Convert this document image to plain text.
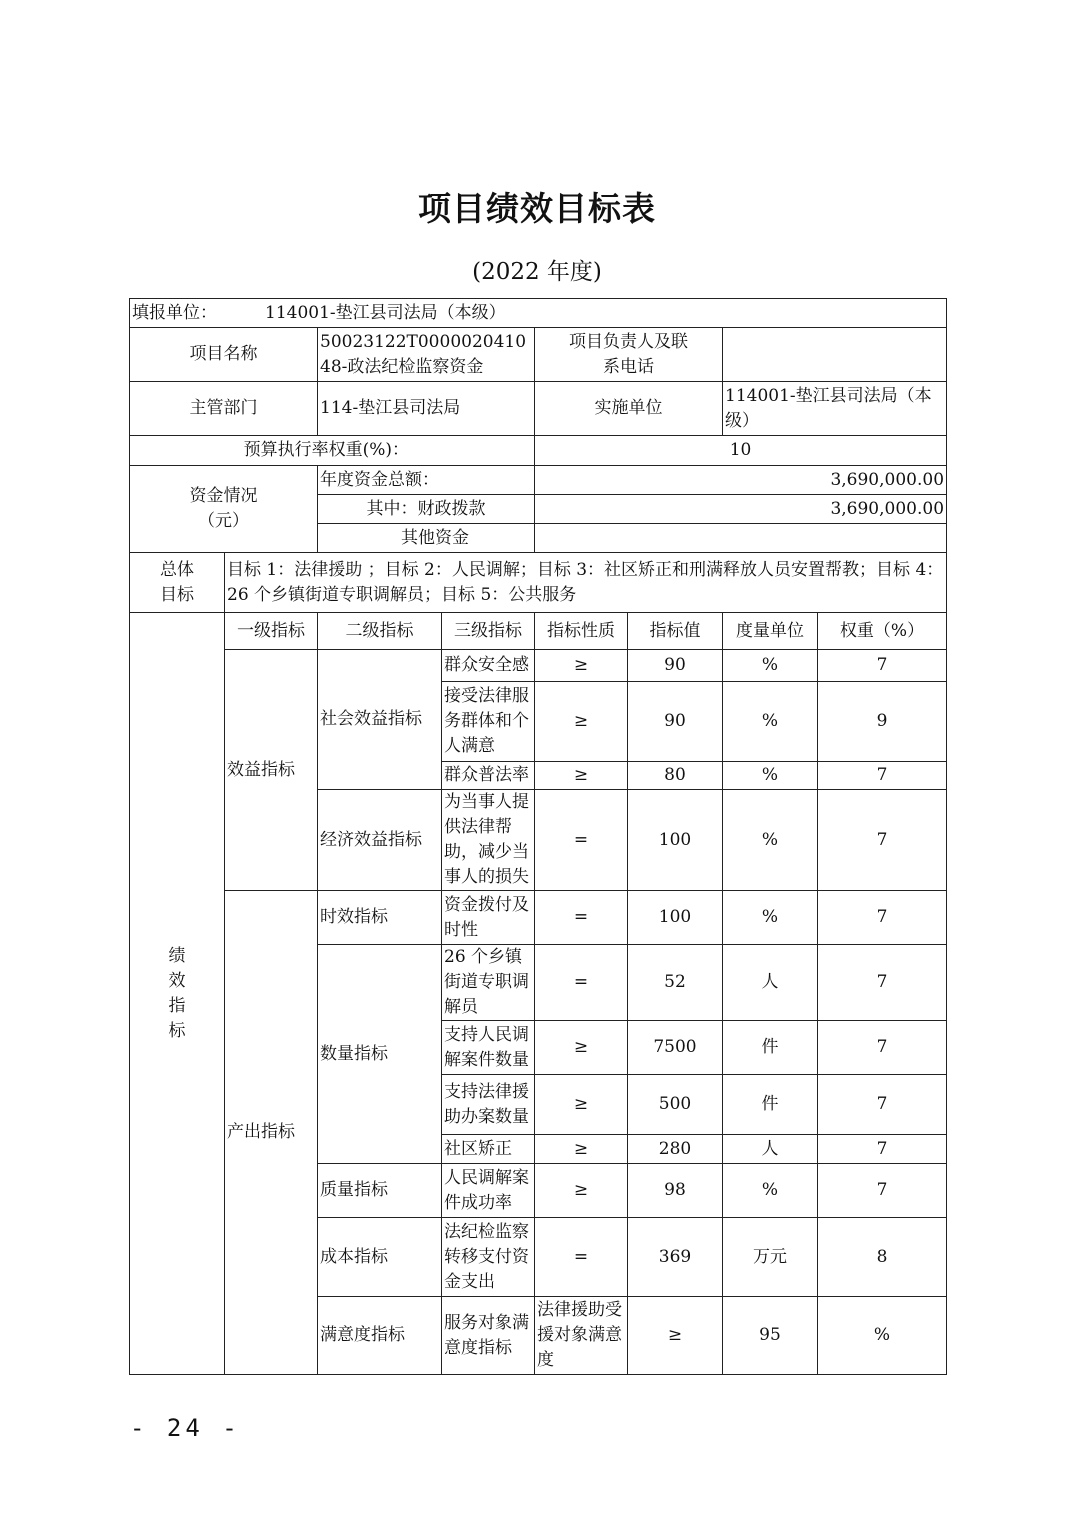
项目绩效目标表
(2022 年度)
填报单位： 114001-垫江县司法局（本级）								
项目名称		50023122T000002041048-政法纪检监察资金		项目负责人及联系电话				
主管部门		114-垫江县司法局		实施单位		114001-垫江县司法局（本级）		
预算执行率权重(%)：				10				
资金情况（元）		年度资金总额：		3,690,000.00				
		其中：财政拨款		3,690,000.00				
		其他资金						
总体目标	目标 1：法律援助 ；目标 2：人民调解；目标 3：社区矫正和刑满释放人员安置帮教；目标 4：26 个乡镇街道专职调解员；目标 5：公共服务							
绩效指标	一级指标	二级指标	三级指标	指标性质	指标值	度量单位	权重（%）	
	效益指标	社会效益指标	群众安全感	≥	90	%	7	
			接受法律服务群体和个人满意	≥	90	%	9	
			群众普法率	≥	80	%	7	
		经济效益指标	为当事人提供法律帮助，减少当事人的损失	=	100	%	7	
	产出指标	时效指标	资金拨付及时性	=	100	%	7	
		数量指标	26 个乡镇街道专职调解员	=	52	人	7	
			支持人民调解案件数量	≥	7500	件	7	
			支持法律援助办案数量	≥	500	件	7	
			社区矫正	≥	280	人	7	
		质量指标	人民调解案件成功率	≥	98	%	7	
		成本指标	法纪检监察转移支付资金支出	=	369	万元	8	
		满意度指标	服务对象满意度指标	法律援助受援对象满意度	≥	95	%	
- 24 -
